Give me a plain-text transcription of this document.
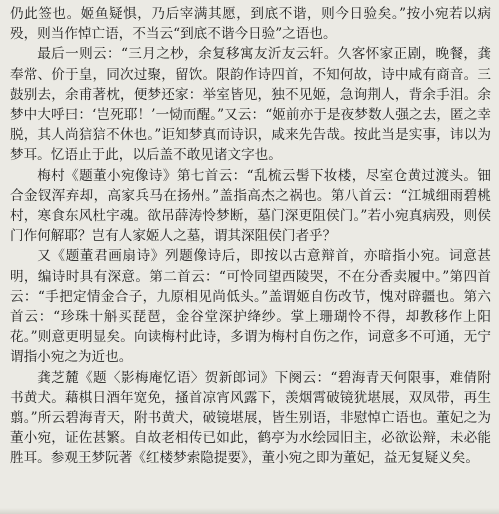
仍此签也。姬鱼疑惧，乃后宰满其愿，到底不谐，则今日验矣。”按小宛若以病殁，则当作悼亡语，不当云“到底不谐今日验”之语也。

最后一则云：“三月之杪，余复移寓友沂友云轩。久客怀家正剧，晚餐，龚奉常、价于皇，同次过聚，留饮。限韵作诗四首，不知何故，诗中咸有商音。三鼓别去，余甫著枕，便梦还家：举室皆见，独不见姬，急询荆人，背余手泪。余梦中大呼曰：‘岂死耶！’一恸而醒。”又云：“姬前亦于是夜梦数人强之去，匿之幸脱，其人尚狺狺不休也。”讵知梦真而诗识，咸来先告哉。按此当是实事，讳以为梦耳。忆语止于此，以后盖不敢见诸文字也。

梅村《题董小宛像诗》第七首云：“乱梳云髻下妆楼，尽室仓黄过渡头。钿合金钗浑弃却，高家兵马在扬州。”盖指高杰之祸也。第八首云：“江城细雨碧桃村，寒食东风杜宇魂。欲吊薛涛怜梦断，墓门深更阻侯门。”若小宛真病殁，则侯门作何解耶？岂有人家姬人之墓，谓其深阻侯门者乎？

又《题董君画扇诗》列题像诗后，即按以古意辩首，亦暗指小宛。词意甚明，编诗时具有深意。第二首云：“可怜同望西陵哭，不在分香卖履中。”第四首云：“手把定情金合子，九原相见尚低头。”盖谓姬自伤改节，愧对辟疆也。第六首云：“珍珠十斛买琵琶，金谷堂深护绛纱。掌上珊瑚怜不得，却教移作上阳花。”则意更明显矣。向读梅村此诗，多谓为梅村自伤之作，词意多不可通，无宁谓指小宛之为近也。

龚芝麓《题〈影梅庵忆语〉贺新郎词》下阕云：“碧海青天何限事，难倩附书黄犬。藉棋日酒年宽免，搔首凉宵风露下，羡烟霄破镜犹堪展，双凤带，再生翦。”所云碧海青天，附书黄犬，破镜堪展，皆生别语，非慰悼亡语也。董妃之为董小宛，证佐甚繁。自故老相传已如此，鹤亭为水绘园旧主，必欲讼辩，未必能胜耳。参观王梦阮著《红楼梦索隐提要》，董小宛之即为董妃，益无复疑义矣。
